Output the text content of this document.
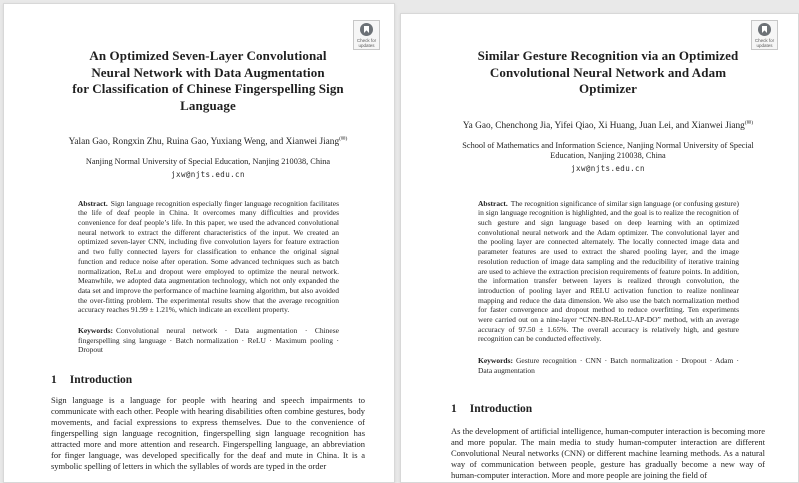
Check for
updates
An Optimized Seven-Layer Convolutional
Neural Network with Data Augmentation
for Classification of Chinese Fingerspelling Sign
Language
Yalan Gao, Rongxin Zhu, Ruina Gao, Yuxiang Weng, and Xianwei Jiang(✉)
Nanjing Normal University of Special Education, Nanjing 210038, China
jxw@njts.edu.cn

Abstract. Sign language recognition especially finger language recognition facilitates the life of deaf people in China. It overcomes many difficulties and provides convenience for deaf people’s life. In this paper, we used the advanced convolutional neural network to extract the different characteristics of the input. We created an optimized seven-layer CNN, including five convolution layers for feature extraction and two fully connected layers for classification to enhance the original signal function and reduce noise after operation. Some advanced techniques such as batch normalization, ReLu and dropout were employed to optimize the neural network. Meanwhile, we adopted data augmentation technology, which not only expanded the data set and improve the performance of machine learning algorithm, but also avoided the over-fitting problem. The experimental results show that the average recognition accuracy reaches 91.99 ± 1.21%, which indicate an excellent property.

Keywords: Convolutional neural network · Data augmentation · Chinese fingerspelling sing language · Batch normalization · ReLU · Maximum pooling · Dropout

1 Introduction

Sign language is a language for people with hearing and speech impairments to communicate with each other. People with hearing disabilities often combine gestures, body movements, and facial expressions to express themselves. Due to the convenience of fingerspelling sign language recognition, fingerspelling sign language recognition has attracted more and more attention and research. Fingerspelling language, an abbreviation for finger language, was developed specifically for the deaf and mute in China. It is a symbolic spelling of letters in which the syllables of words are typed in the order

Check for
updates
Similar Gesture Recognition via an Optimized
Convolutional Neural Network and Adam
Optimizer
Ya Gao, Chenchong Jia, Yifei Qiao, Xi Huang, Juan Lei, and Xianwei Jiang(✉)
School of Mathematics and Information Science, Nanjing Normal University of Special Education, Nanjing 210038, China
jxw@njts.edu.cn

Abstract. The recognition significance of similar sign language (or confusing gesture) in sign language recognition is highlighted, and the goal is to realize the recognition of such gesture and sign language based on deep learning with an optimized convolutional neural network and the Adam optimizer. The convolutional layer and the pooling layer are connected alternately. The locally connected image data and parameter features are used to extract the shared pooling layer, and the image resolution reduction of image data sampling and the reducibility of iterative training are used to achieve the extraction precision requirements of feature points. In addition, the information transfer between layers is realized through convolution, the introduction of pooling layer and RELU activation function to realize nonlinear mapping and reduce the data dimension. We also use the batch normalization method for faster convergence and dropout method to reduce overfitting. Ten experiments were carried out on a nine-layer “CNN-BN-ReLU-AP-DO” method, with an average accuracy of 97.50 ± 1.65%. The overall accuracy is relatively high, and gesture recognition can be conducted effectively.

Keywords: Gesture recognition · CNN · Batch normalization · Dropout · Adam · Data augmentation

1 Introduction

As the development of artificial intelligence, human-computer interaction is becoming more and more popular. The main media to study human-computer interaction are different Convolutional Neural networks (CNN) or different machine learning methods. As a natural way of communication between people, gesture has gradually become a new way of human-computer interaction. More and more people are joining the field of
